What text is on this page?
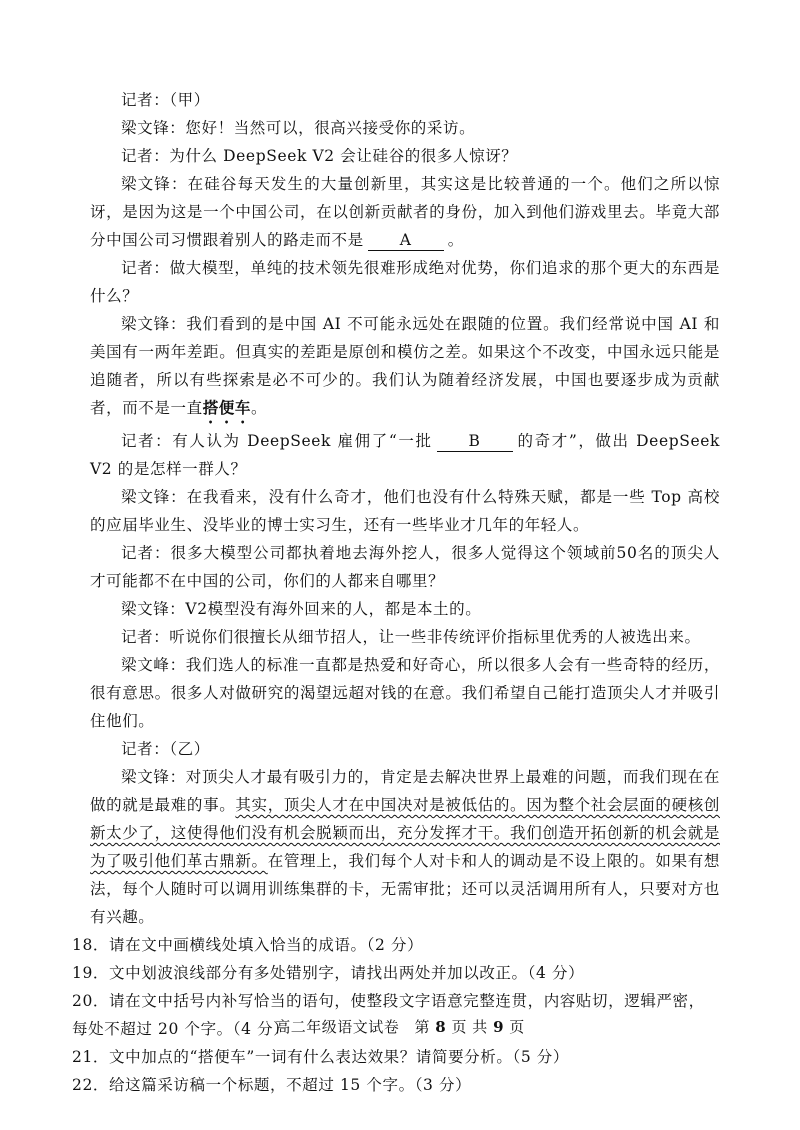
记者：（甲）

梁文锋：您好！当然可以，很高兴接受你的采访。

记者：为什么 DeepSeek V2 会让硅谷的很多人惊讶？

梁文锋：在硅谷每天发生的大量创新里，其实这是比较普通的一个。他们之所以惊讶，是因为这是一个中国公司，在以创新贡献者的身份，加入到他们游戏里去。毕竟大部分中国公司习惯跟着别人的路走而不是 A 。

记者：做大模型，单纯的技术领先很难形成绝对优势，你们追求的那个更大的东西是什么？

梁文锋：我们看到的是中国 AI 不可能永远处在跟随的位置。我们经常说中国 AI 和美国有一两年差距。但真实的差距是原创和模仿之差。如果这个不改变，中国永远只能是追随者，所以有些探索是必不可少的。我们认为随着经济发展，中国也要逐步成为贡献者，而不是一直搭便车。

记者：有人认为 DeepSeek 雇佣了“一批 B 的奇才”，做出 DeepSeek V2 的是怎样一群人？

梁文锋：在我看来，没有什么奇才，他们也没有什么特殊天赋，都是一些 Top 高校的应届毕业生、没毕业的博士实习生，还有一些毕业才几年的年轻人。

记者：很多大模型公司都执着地去海外挖人，很多人觉得这个领域前50名的顶尖人才可能都不在中国的公司，你们的人都来自哪里？

梁文锋：V2模型没有海外回来的人，都是本土的。

记者：听说你们很擅长从细节招人，让一些非传统评价指标里优秀的人被选出来。

梁文峰：我们选人的标准一直都是热爱和好奇心，所以很多人会有一些奇特的经历，很有意思。很多人对做研究的渴望远超对钱的在意。我们希望自己能打造顶尖人才并吸引住他们。

记者：（乙）

梁文锋：对顶尖人才最有吸引力的，肯定是去解决世界上最难的问题，而我们现在在做的就是最难的事。其实，顶尖人才在中国决对是被低估的。因为整个社会层面的硬核创新太少了，这使得他们没有机会脱颖而出，充分发挥才干。我们创造开拓创新的机会就是为了吸引他们革古鼎新。在管理上，我们每个人对卡和人的调动是不设上限的。如果有想法，每个人随时可以调用训练集群的卡，无需审批；还可以灵活调用所有人，只要对方也有兴趣。

18．请在文中画横线处填入恰当的成语。（2 分）

19．文中划波浪线部分有多处错别字，请找出两处并加以改正。（4 分）

20．请在文中括号内补写恰当的语句，使整段文字语意完整连贯，内容贴切，逻辑严密，每处不超过 20 个字。（4 分）

21．文中加点的“搭便车”一词有什么表达效果？请简要分析。（5 分）

22．给这篇采访稿一个标题，不超过 15 个字。（3 分）

高二年级语文试卷 第 8 页 共 9 页
